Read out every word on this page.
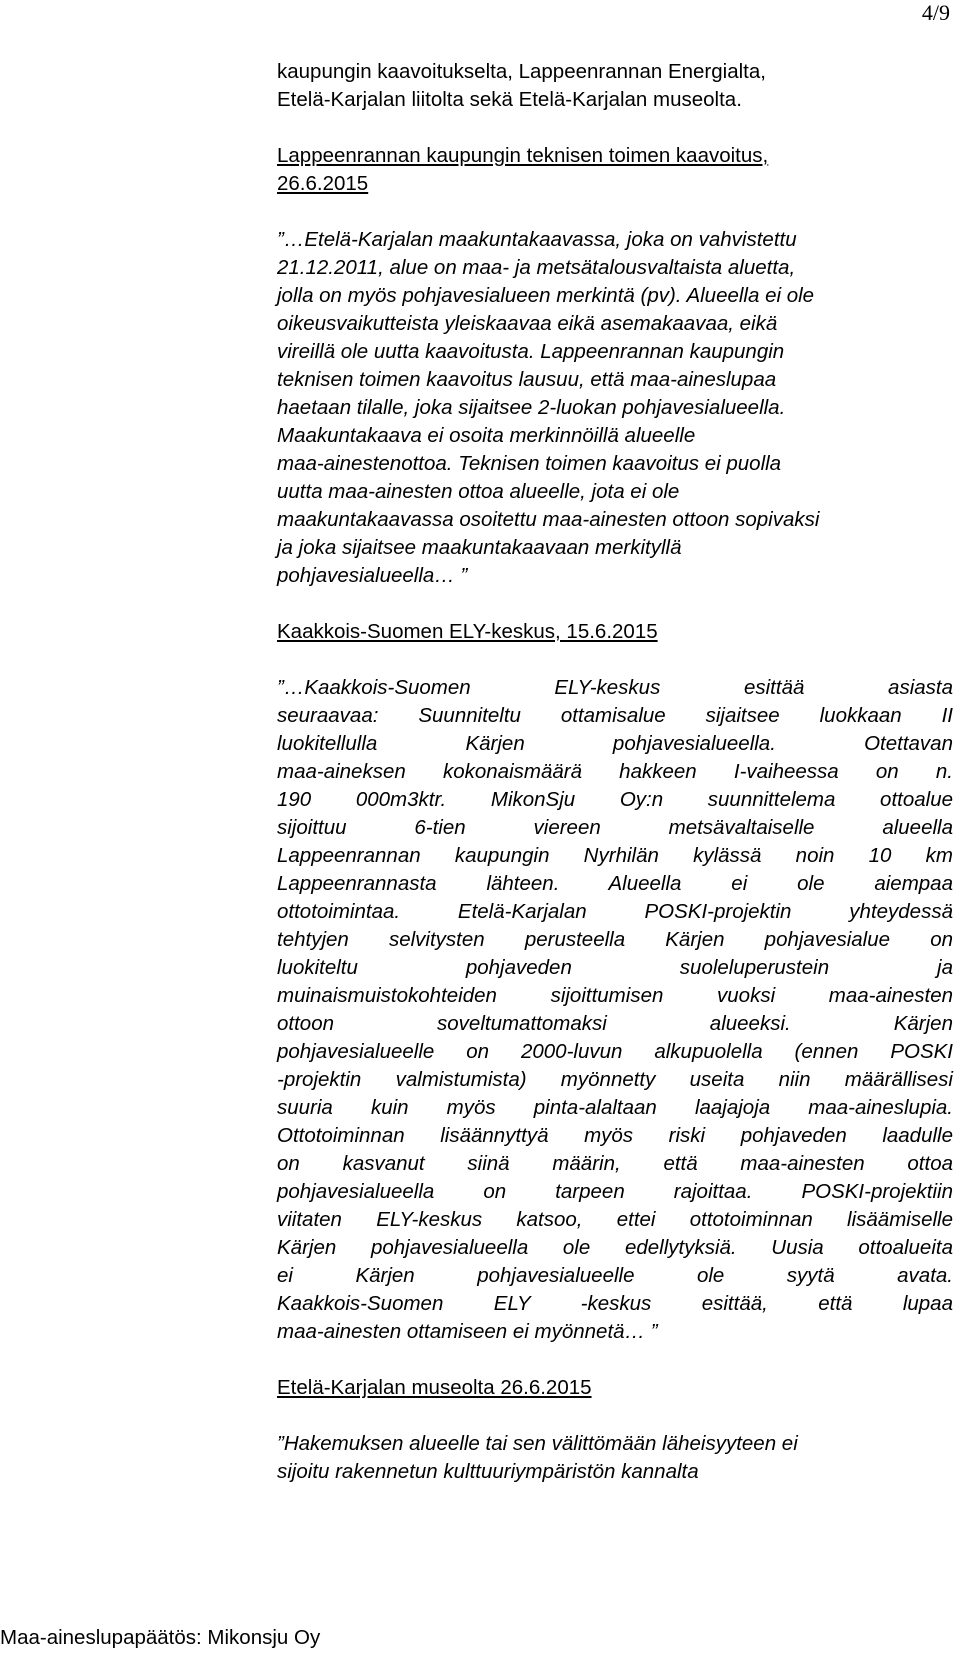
4/9
kaupungin kaavoitukselta, Lappeenrannan Energialta,
Etelä-Karjalan liitolta sekä Etelä-Karjalan museolta.
Lappeenrannan kaupungin teknisen toimen kaavoitus,
26.6.2015
”…Etelä-Karjalan maakuntakaavassa, joka on vahvistettu
21.12.2011, alue on maa- ja metsätalousvaltaista aluetta,
jolla on myös pohjavesialueen merkintä (pv). Alueella ei ole
oikeusvaikutteista yleiskaavaa eikä asemakaavaa, eikä
vireillä ole uutta kaavoitusta. Lappeenrannan kaupungin
teknisen toimen kaavoitus lausuu, että maa-aineslupaa
haetaan tilalle, joka sijaitsee 2-luokan pohjavesialueella.
Maakuntakaava ei osoita merkinnöillä alueelle
maa-ainestenottoa. Teknisen toimen kaavoitus ei puolla
uutta maa-ainesten ottoa alueelle, jota ei ole
maakuntakaavassa osoitettu maa-ainesten ottoon sopivaksi
ja joka sijaitsee maakuntakaavaan merkityllä
pohjavesialueella… ”
Kaakkois-Suomen ELY-keskus, 15.6.2015
”…Kaakkois-Suomen ELY-keskus esittää asiasta
seuraavaa: Suunniteltu ottamisalue sijaitsee luokkaan II
luokitellulla Kärjen pohjavesialueella. Otettavan
maa-aineksen kokonaismäärä hakkeen I-vaiheessa on n.
190 000m3ktr. MikonSju Oy:n suunnittelema ottoalue
sijoittuu 6-tien viereen metsävaltaiselle alueella
Lappeenrannan kaupungin Nyrhilän kylässä noin 10 km
Lappeenrannasta lähteen. Alueella ei ole aiempaa
ottotoimintaa. Etelä-Karjalan POSKI-projektin yhteydessä
tehtyjen selvitysten perusteella Kärjen pohjavesialue on
luokiteltu pohjaveden suoleluperustein ja
muinaismuistokohteiden sijoittumisen vuoksi maa-ainesten
ottoon soveltumattomaksi alueeksi. Kärjen
pohjavesialueelle on 2000-luvun alkupuolella (ennen POSKI
-projektin valmistumista) myönnetty useita niin määrällisesi
suuria kuin myös pinta-alaltaan laajajoja maa-aineslupia.
Ottotoiminnan lisäännyttyä myös riski pohjaveden laadulle
on kasvanut siinä määrin, että maa-ainesten ottoa
pohjavesialueella on tarpeen rajoittaa. POSKI-projektiin
viitaten ELY-keskus katsoo, ettei ottotoiminnan lisäämiselle
Kärjen pohjavesialueella ole edellytyksiä. Uusia ottoalueita
ei Kärjen pohjavesialueelle ole syytä avata.
Kaakkois-Suomen ELY -keskus esittää, että lupaa
maa-ainesten ottamiseen ei myönnetä… ”
Etelä-Karjalan museolta 26.6.2015
”Hakemuksen alueelle tai sen välittömään läheisyyteen ei
sijoitu rakennetun kulttuuriympäristön kannalta
Maa-aineslupapäätös: Mikonsju Oy
